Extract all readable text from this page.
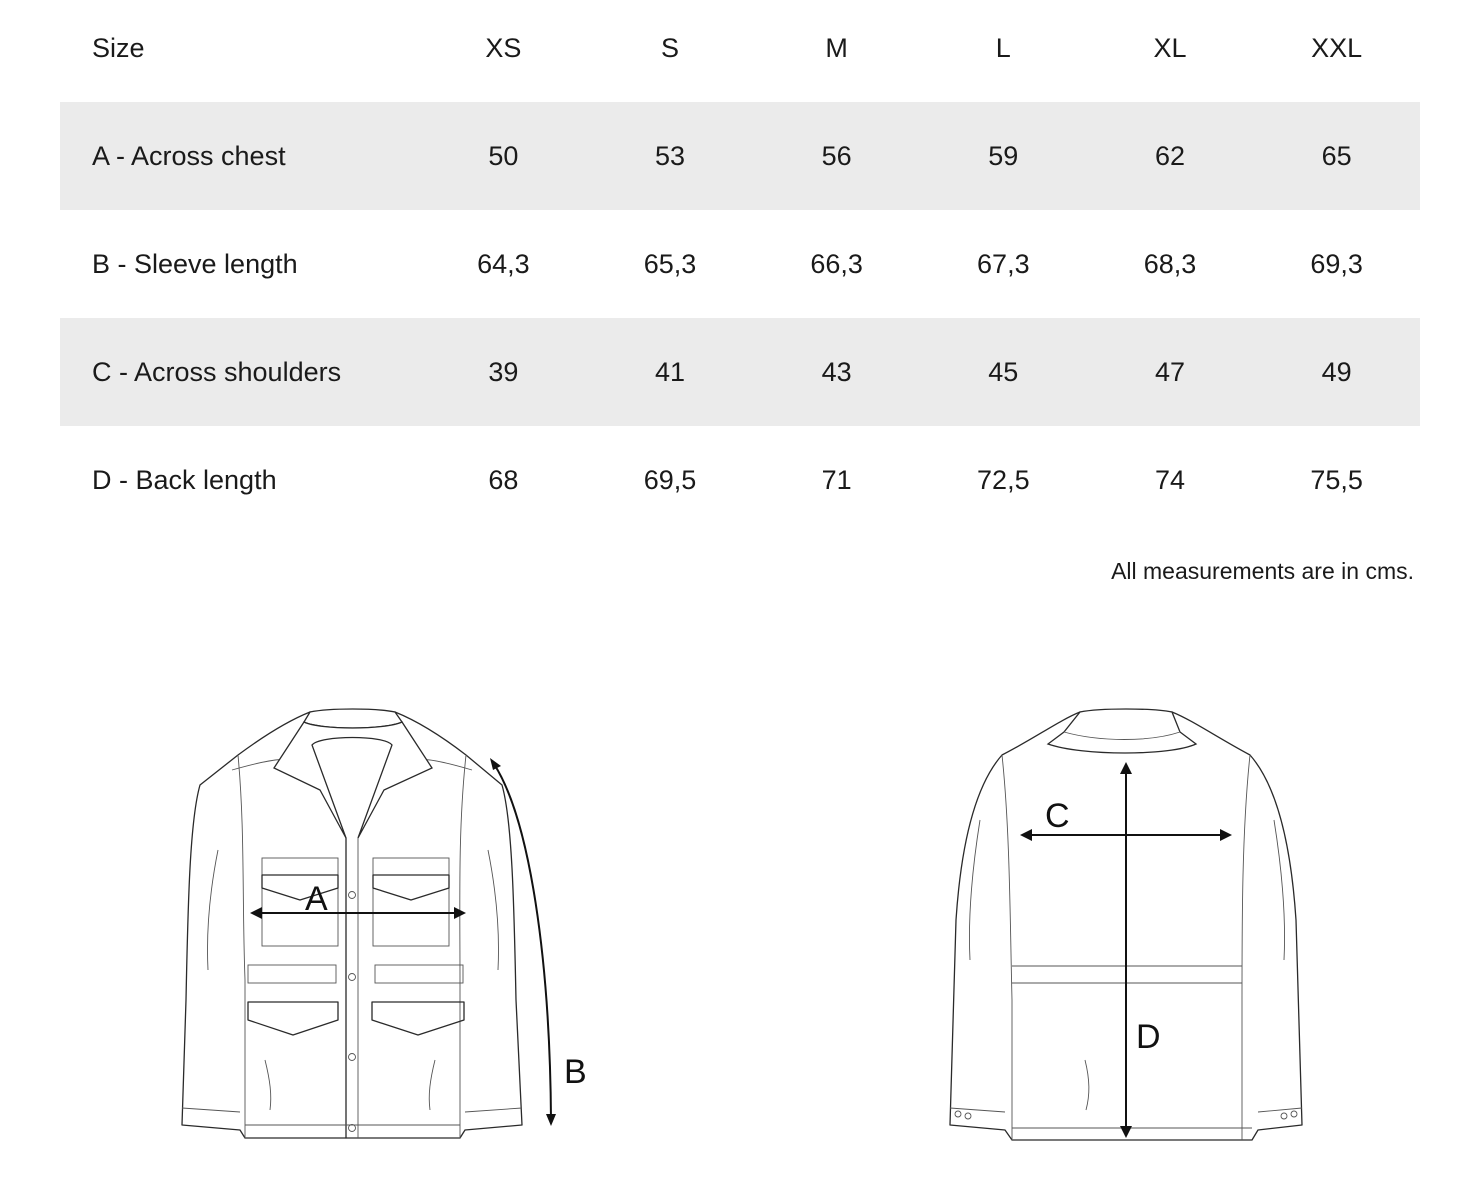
Size	XS	S	M	L	XL	XXL
A - Across chest	50	53	56	59	62	65
B - Sleeve length	64,3	65,3	66,3	67,3	68,3	69,3
C - Across shoulders	39	41	43	45	47	49
D - Back length	68	69,5	71	72,5	74	75,5
All measurements are in cms.
A
B
C
D
